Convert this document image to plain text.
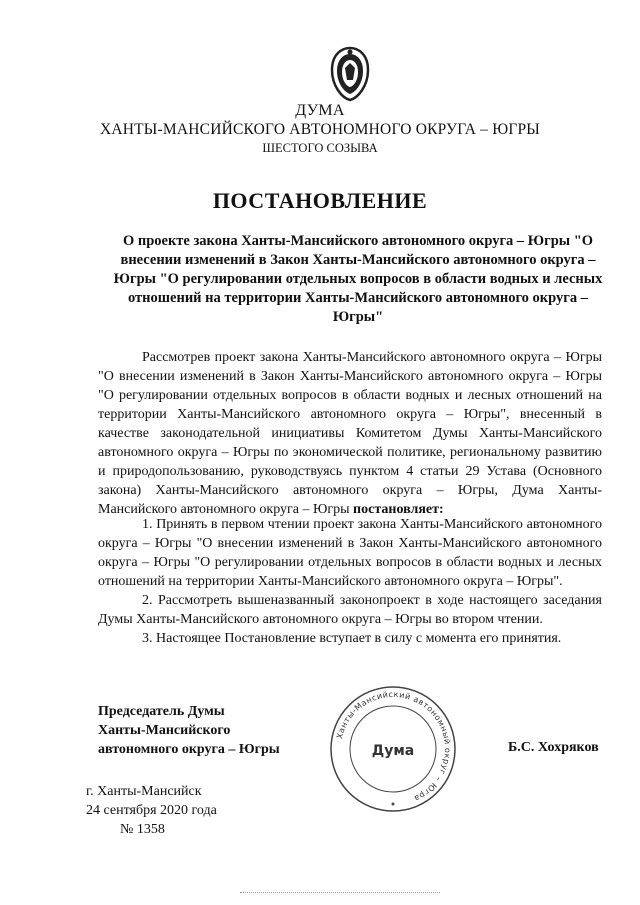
ДУМА
ХАНТЫ-МАНСИЙСКОГО АВТОНОМНОГО ОКРУГА – ЮГРЫ
ШЕСТОГО СОЗЫВА
ПОСТАНОВЛЕНИЕ
О проекте закона Ханты-Мансийского автономного округа – Югры "О внесении изменений в Закон Ханты-Мансийского автономного округа – Югры "О регулировании отдельных вопросов в области водных и лесных отношений на территории Ханты-Мансийского автономного округа – Югры"

Рассмотрев проект закона Ханты-Мансийского автономного округа – Югры "О внесении изменений в Закон Ханты-Мансийского автономного округа – Югры "О регулировании отдельных вопросов в области водных и лесных отношений на территории Ханты-Мансийского автономного округа – Югры", внесенный в качестве законодательной инициативы Комитетом Думы Ханты-Мансийского автономного округа – Югры по экономической политике, региональному развитию и природопользованию, руководствуясь пунктом 4 статьи 29 Устава (Основного закона) Ханты-Мансийского автономного округа – Югры, Дума Ханты-Мансийского автономного округа – Югры постановляет:

1. Принять в первом чтении проект закона Ханты-Мансийского автономного округа – Югры "О внесении изменений в Закон Ханты-Мансийского автономного округа – Югры "О регулировании отдельных вопросов в области водных и лесных отношений на территории Ханты-Мансийского автономного округа – Югры".
2. Рассмотреть вышеназванный законопроект в ходе настоящего заседания Думы Ханты-Мансийского автономного округа – Югры во втором чтении.
3. Настоящее Постановление вступает в силу с момента его принятия.
Председатель Думы
Ханты-Мансийского
автономного округа – Югры
Ханты-Мансийский автономный округ – Югра
Дума	Б.С. Хохряков
г. Ханты-Мансийск
24 сентября 2020 года
№ 1358
